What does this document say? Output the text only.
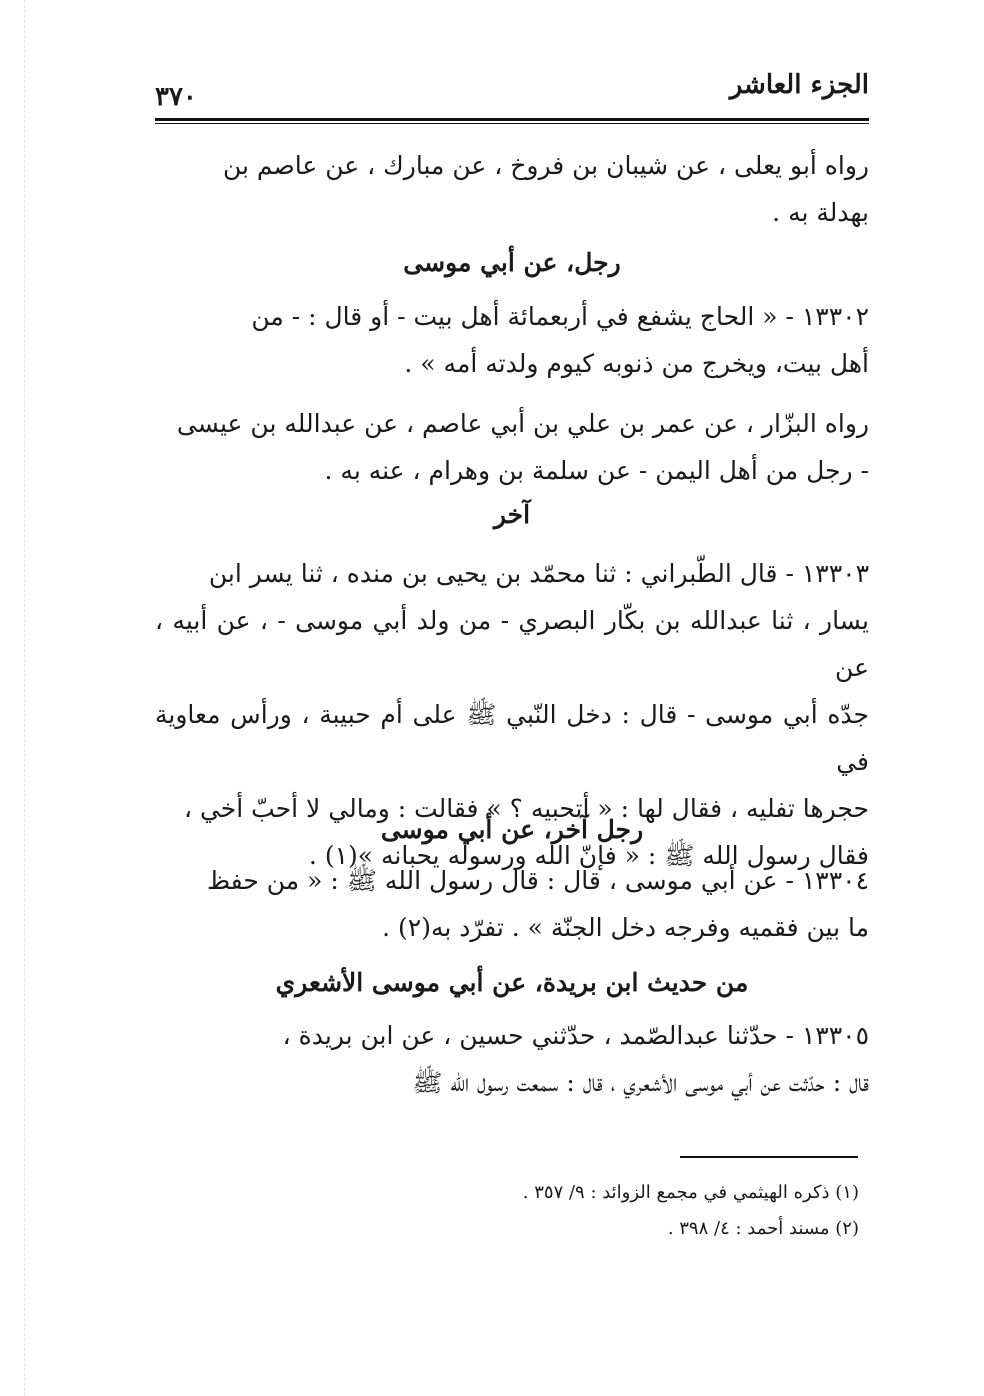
الجزء العاشر
٣٧٠

رواه أبو يعلى ، عن شيبان بن فروخ ، عن مبارك ، عن عاصم بن

بهدلة به .

رجل، عن أبي موسى

١٣٣٠٢ - « الحاج يشفع في أربعمائة أهل بيت - أو قال : - من

أهل بيت، ويخرج من ذنوبه كيوم ولدته أمه » .

رواه البزّار ، عن عمر بن علي بن أبي عاصم ، عن عبدالله بن عيسى

- رجل من أهل اليمن - عن سلمة بن وهرام ، عنه به .

آخر

١٣٣٠٣ - قال الطّبراني : ثنا محمّد بن يحيى بن منده ، ثنا يسر ابن

يسار ، ثنا عبدالله بن بكّار البصري - من ولد أبي موسى - ، عن أبيه ، عن

جدّه أبي موسى - قال : دخل النّبي ﷺ على أم حبيبة ، ورأس معاوية في

حجرها تفليه ، فقال لها : « أتحبيه ؟ » فقالت : ومالي لا أحبّ أخي ،

فقال رسول الله ﷺ : « فإنّ الله ورسوله يحبانه »(١) .

رجل آخر، عن أبي موسى

١٣٣٠٤ - عن أبي موسى ، قال : قال رسول الله ﷺ : « من حفظ

ما بين فقميه وفرجه دخل الجنّة » . تفرّد به(٢) .

من حديث ابن بريدة، عن أبي موسى الأشعري

١٣٣٠٥ - حدّثنا عبدالصّمد ، حدّثني حسين ، عن ابن بريدة ،

قال : حدّثت عن أبي موسى الأشعري ، قال : سمعت رسول الله ﷺ

(١) ذكره الهيثمي في مجمع الزوائد : ٩/ ٣٥٧ .
(٢) مسند أحمد : ٤/ ٣٩٨ .
